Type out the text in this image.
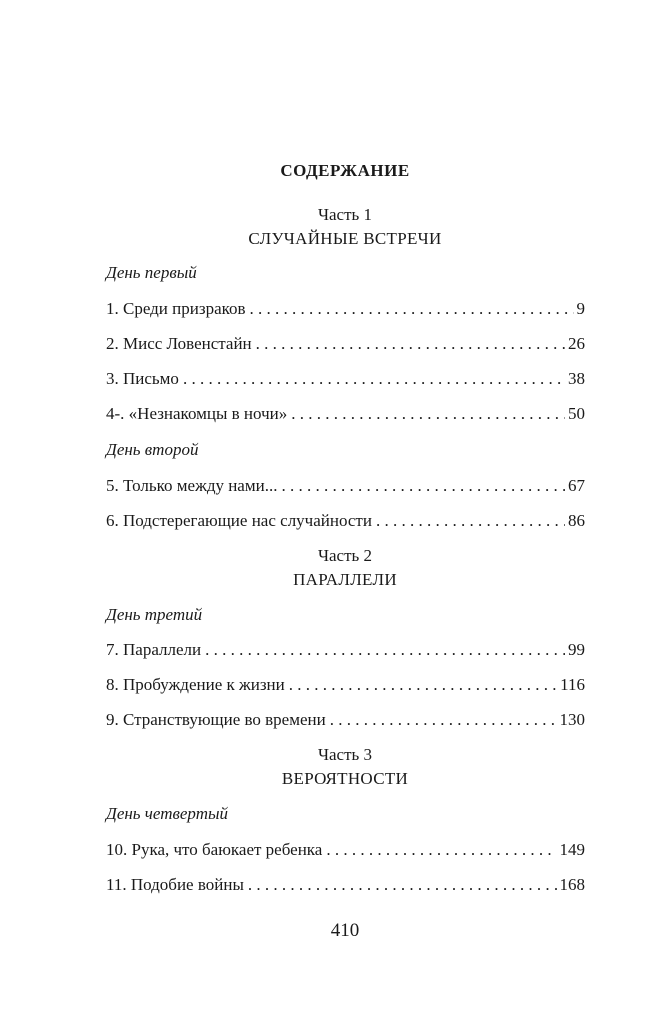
СОДЕРЖАНИЕ
Часть 1
СЛУЧАЙНЫЕ ВСТРЕЧИ
День первый
1. Среди призраков . . .	9
2. Мисс Ловенстайн . . .	26
3. Письмо . . .	38
4-. «Незнакомцы в ночи» . . .	50
День второй
5. Только между нами... . . .	67
6. Подстерегающие нас случайности . . .	86
Часть 2
ПАРАЛЛЕЛИ
День третий
7. Параллели . . .	99
8. Пробуждение к жизни . . .	116
9. Странствующие во времени . . .	130
Часть 3
ВЕРОЯТНОСТИ
День четвертый
10. Рука, что баюкает ребенка . . .	149
11. Подобие войны . . .	168
410
